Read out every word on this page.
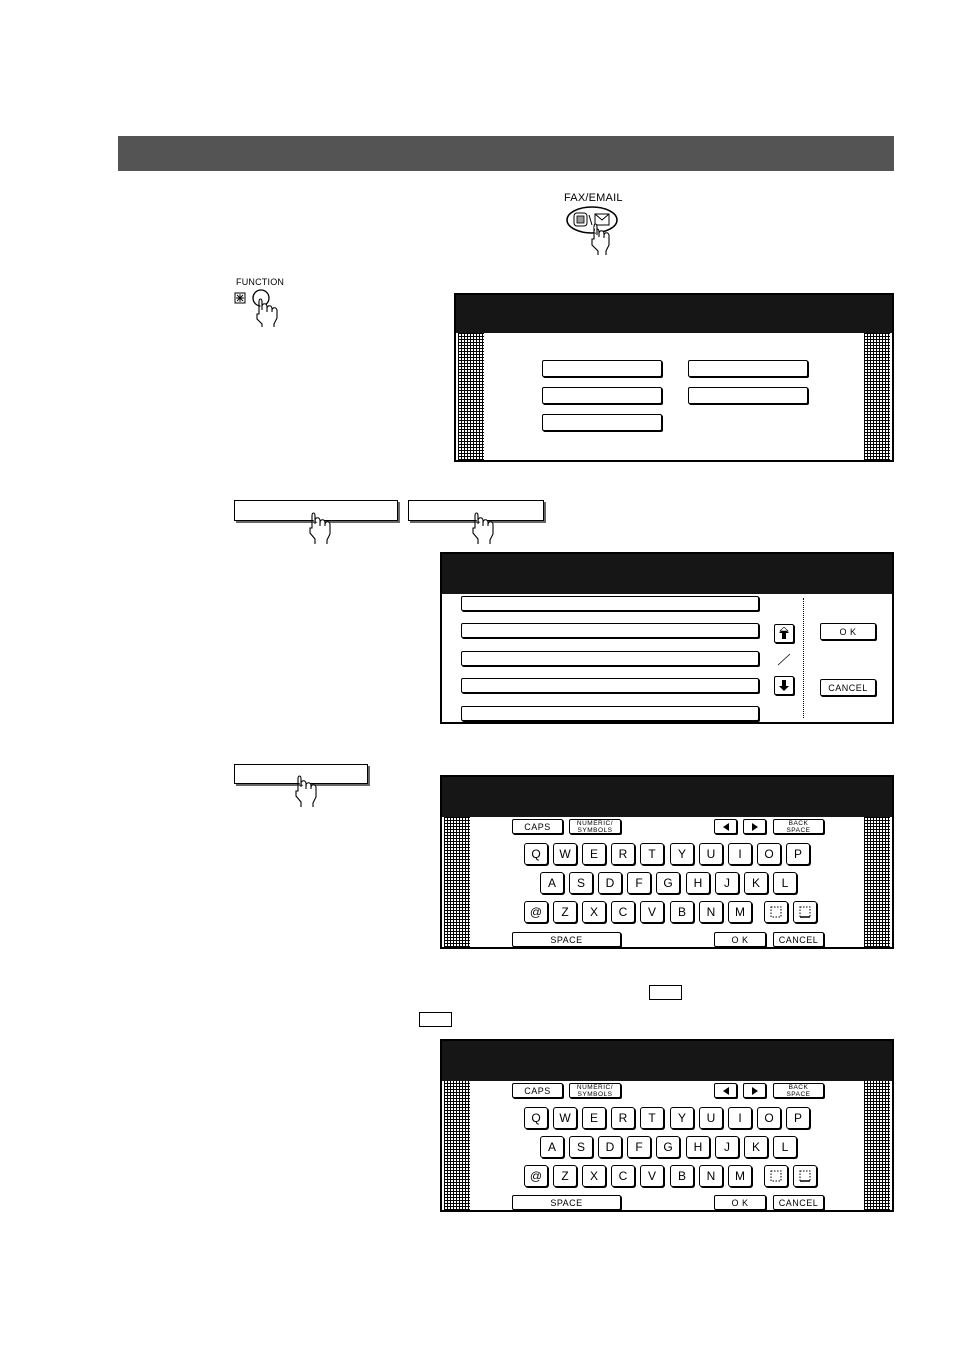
FAX/EMAIL
FUNCTION
O K
CANCEL
CAPS	NUMERIC/
SYMBOLS
BACK
SPACE
SPACE	O K	CANCEL
Q	W	E	R	T	Y	U	I	O	P
A	S	D	F	G	H	J	K	L
@	Z	X	C	V	B	N	M
CAPS	NUMERIC/
SYMBOLS
BACK
SPACE
SPACE	O K	CANCEL
Q	W	E	R	T	Y	U	I	O	P
A	S	D	F	G	H	J	K	L
@	Z	X	C	V	B	N	M
